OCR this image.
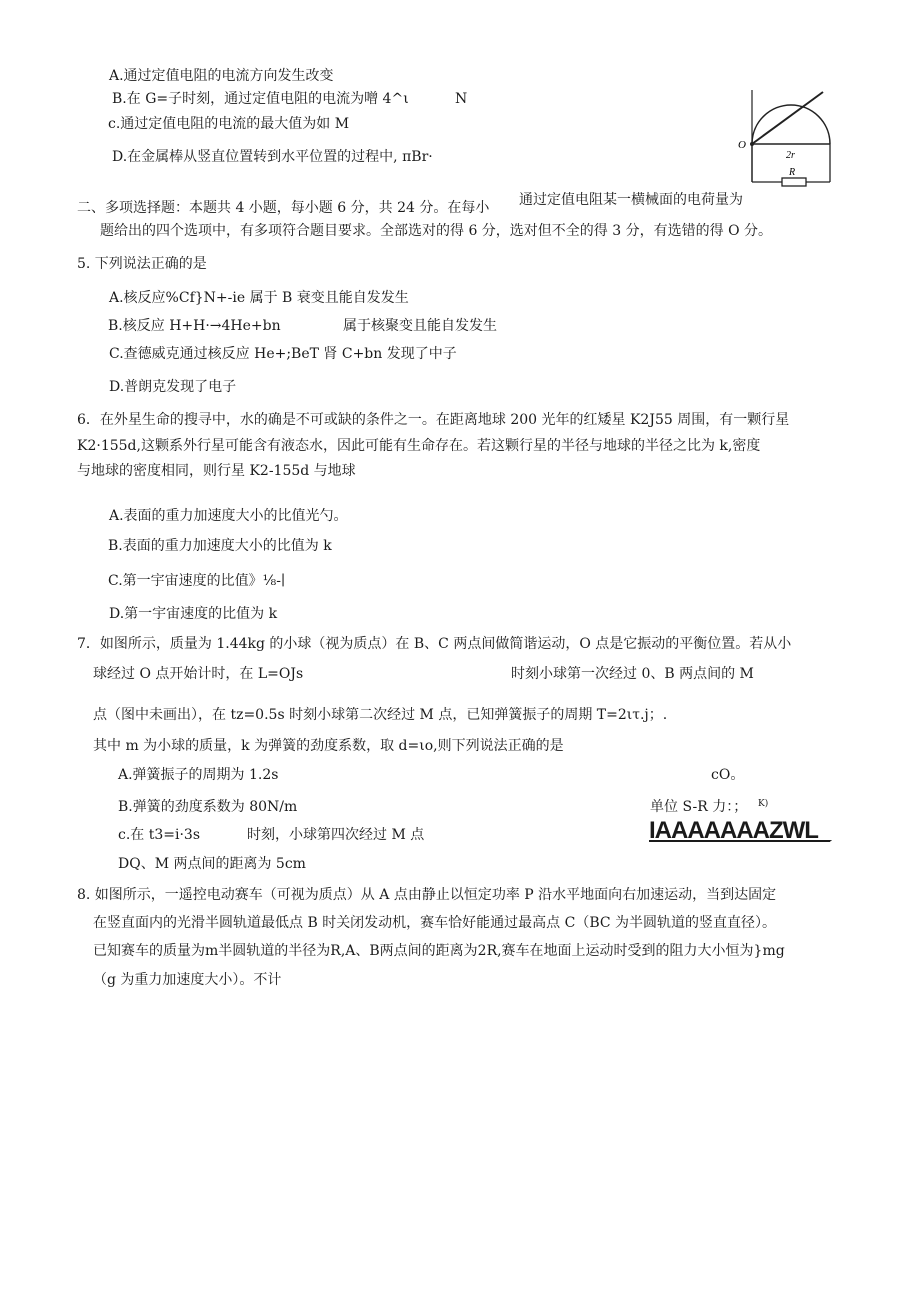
A.通过定值电阻的电流方向发生改变
B.在 G=子时刻，通过定值电阻的电流为噌 4^ι	N
c.通过定值电阻的电流的最大值为如 M
D.在金属棒从竖直位置转到水平位置的过程中, πBr·
通过定值电阻某一横械面的电荷量为
O
2r
R
二、多项选择题：本题共 4 小题，每小题 6 分，共 24 分。在每小
题给出的四个选项中，有多项符合题目要求。全部选对的得 6 分，选对但不全的得 3 分，有选错的得 O 分。
5. 下列说法正确的是
A.核反应%Cf}N+-ie 属于 B 衰变且能自发发生
B.核反应 H+H·→4He+bn	属于核聚变且能自发发生
C.查德威克通过核反应 He+;BeT 肾 C+bn 发现了中子
D.普朗克发现了电子
6．在外星生命的搜寻中，水的确是不可或缺的条件之一。在距离地球 200 光年的红矮星 K2J55 周围，有一颗行星
K2·155d,这颗系外行星可能含有液态水，因此可能有生命存在。若这颗行星的半径与地球的半径之比为 k,密度
与地球的密度相同，则行星 K2-155d 与地球
A.表面的重力加速度大小的比值光勺。
B.表面的重力加速度大小的比值为 k
C.第一宇宙速度的比值》⅛-∣
D.第一宇宙速度的比值为 k
7．如图所示，质量为 1.44kg 的小球（视为质点）在 B、C 两点间做简谐运动，O 点是它振动的平衡位置。若从小
球经过 O 点开始计时，在 L=OJs	时刻小球第一次经过 0、B 两点间的 M
点（图中未画出），在 tz=0.5s 时刻小球第二次经过 M 点，已知弹簧振子的周期 T=2ιτ.j；.
其中 m 为小球的质量，k 为弹簧的劲度系数，取 d=ιo,则下列说法正确的是
A.弹簧振子的周期为 1.2s	cO。
B.弹簧的劲度系数为 80N/m	单位 S-R 力：； K)
c.在 t3=i·3s	时刻，小球第四次经过 M 点	IAAAAAAAZWL_
DQ、M 两点间的距离为 5cm
8. 如图所示，一遥控电动赛车（可视为质点）从 A 点由静止以恒定功率 P 沿水平地面向右加速运动，当到达固定
在竖直面内的光滑半圆轨道最低点 B 时关闭发动机，赛车恰好能通过最高点 C（BC 为半圆轨道的竖直直径）。
已知赛车的质量为m半圆轨道的半径为R,A、B两点间的距离为2R,赛车在地面上运动时受到的阻力大小恒为}mg
（g 为重力加速度大小）。不计
